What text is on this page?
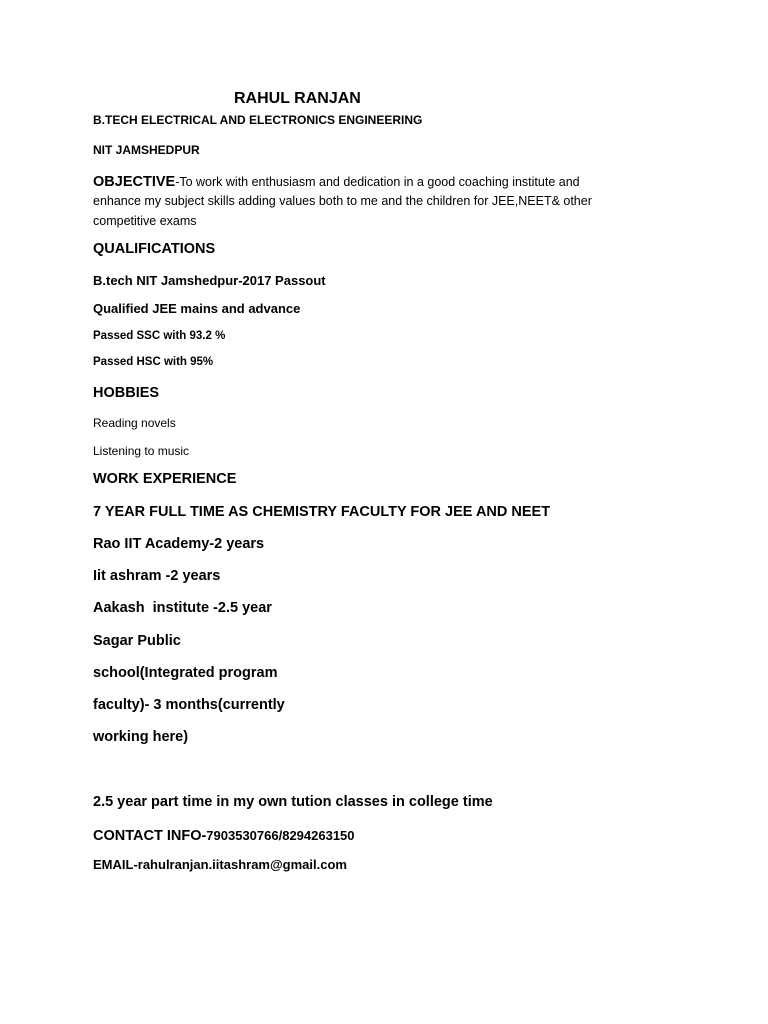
RAHUL RANJAN
B.TECH ELECTRICAL AND ELECTRONICS ENGINEERING
NIT JAMSHEDPUR
OBJECTIVE-To work with enthusiasm and dedication in a good coaching institute and
enhance my subject skills adding values both to me and the children for JEE,NEET& other
competitive exams
QUALIFICATIONS
B.tech NIT Jamshedpur-2017 Passout
Qualified JEE mains and advance
Passed SSC with 93.2 %
Passed HSC with 95%
HOBBIES
Reading novels
Listening to music
WORK EXPERIENCE
7 YEAR FULL TIME AS CHEMISTRY FACULTY FOR JEE AND NEET
Rao IIT Academy-2 years
Iit ashram -2 years
Aakash  institute -2.5 year
Sagar Public
school(Integrated program
faculty)- 3 months(currently
working here)
2.5 year part time in my own tution classes in college time
CONTACT INFO-7903530766/8294263150
EMAIL-rahulranjan.iitashram@gmail.com
